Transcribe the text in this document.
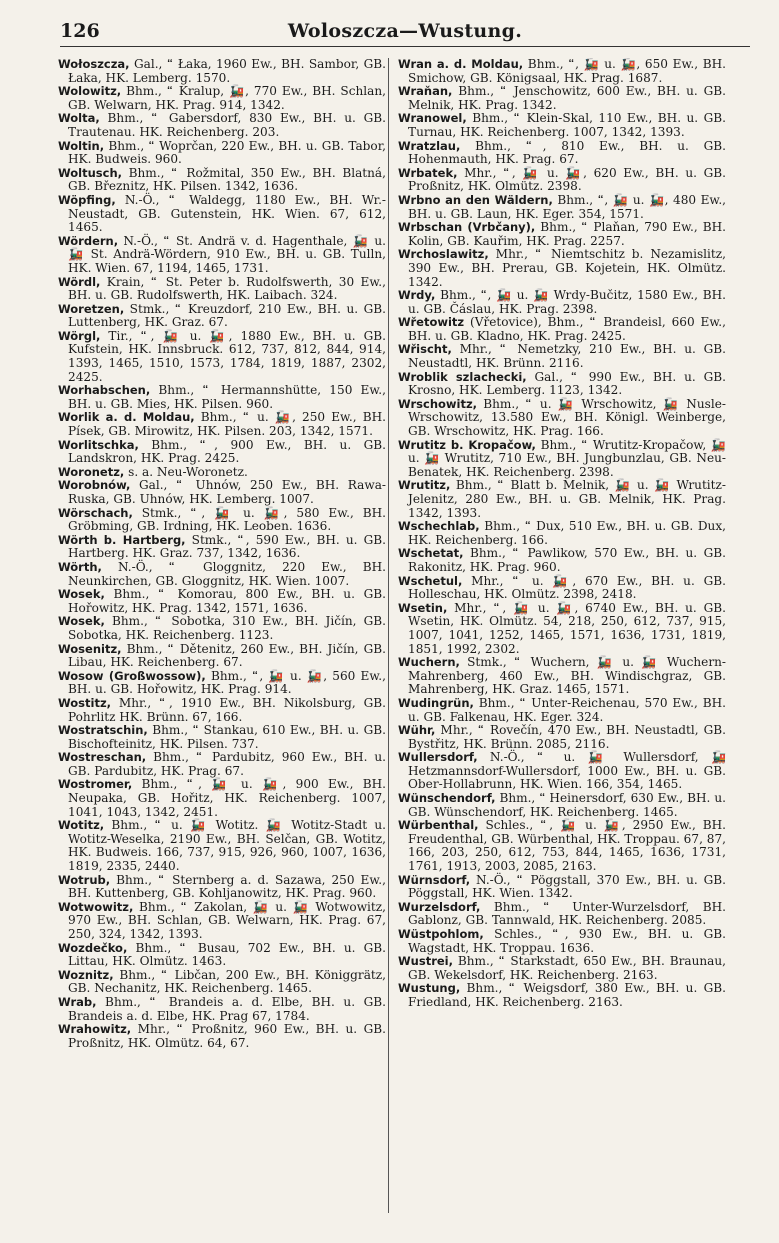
126	Woloszcza—Wustung.

Wołoszcza, Gal., 🙶 Łaka, 1960 Ew., BH. Sambor, GB. Łaka, HK. Lemberg. 1570.

Wolowitz, Bhm., 🙶 Kralup, 🚂, 770 Ew., BH. Schlan, GB. Welwarn, HK. Prag. 914, 1342.

Wolta, Bhm., 🙶 Gabersdorf, 830 Ew., BH. u. GB. Trautenau. HK. Reichenberg. 203.

Woltin, Bhm., 🙶 Woprčan, 220 Ew., BH. u. GB. Tabor, HK. Budweis. 960.

Woltusch, Bhm., 🙶 Rožmital, 350 Ew., BH. Blatná, GB. Březnitz, HK. Pilsen. 1342, 1636.

Wöpfing, N.-Ö., 🙶 Waldegg, 1180 Ew., BH. Wr.-Neustadt, GB. Gutenstein, HK. Wien. 67, 612, 1465.

Wördern, N.-Ö., 🙶 St. Andrä v. d. Hagenthale, 🚂 u. 🚂 St. Andrä-Wördern, 910 Ew., BH. u. GB. Tulln, HK. Wien. 67, 1194, 1465, 1731.

Wördl, Krain, 🙶 St. Peter b. Rudolfswerth, 30 Ew., BH. u. GB. Rudolfswerth, HK. Laibach. 324.

Woretzen, Stmk., 🙶 Kreuzdorf, 210 Ew., BH. u. GB. Luttenberg, HK. Graz. 67.

Wörgl, Tir., 🙶, 🚂 u. 🚂, 1880 Ew., BH. u. GB. Kufstein, HK. Innsbruck. 612, 737, 812, 844, 914, 1393, 1465, 1510, 1573, 1784, 1819, 1887, 2302, 2425.

Worhabschen, Bhm., 🙶 Hermannshütte, 150 Ew., BH. u. GB. Mies, HK. Pilsen. 960.

Worlik a. d. Moldau, Bhm., 🙶 u. 🚂, 250 Ew., BH. Písek, GB. Mirowitz, HK. Pilsen. 203, 1342, 1571.

Worlitschka, Bhm., 🙶, 900 Ew., BH. u. GB. Landskron, HK. Prag. 2425.

Woronetz, s. a. Neu-Woronetz.

Worobnów, Gal., 🙶 Uhnów, 250 Ew., BH. Rawa-Ruska, GB. Uhnów, HK. Lemberg. 1007.

Wörschach, Stmk., 🙶, 🚂 u. 🚂, 580 Ew., BH. Gröbming, GB. Irdning, HK. Leoben. 1636.

Wörth b. Hartberg, Stmk., 🙶, 590 Ew., BH. u. GB. Hartberg. HK. Graz. 737, 1342, 1636.

Wörth, N.-Ö., 🙶 Gloggnitz, 220 Ew., BH. Neunkirchen, GB. Gloggnitz, HK. Wien. 1007.

Wosek, Bhm., 🙶 Komorau, 800 Ew., BH. u. GB. Hořowitz, HK. Prag. 1342, 1571, 1636.

Wosek, Bhm., 🙶 Sobotka, 310 Ew., BH. Jičín, GB. Sobotka, HK. Reichenberg. 1123.

Wosenitz, Bhm., 🙶 Dětenitz, 260 Ew., BH. Jičín, GB. Libau, HK. Reichenberg. 67.

Wosow (Großwossow), Bhm., 🙶, 🚂 u. 🚂, 560 Ew., BH. u. GB. Hořowitz, HK. Prag. 914.

Wostitz, Mhr., 🙶, 1910 Ew., BH. Nikolsburg, GB. Pohrlitz HK. Brünn. 67, 166.

Wostratschin, Bhm., 🙶 Stankau, 610 Ew., BH. u. GB. Bischofteinitz, HK. Pilsen. 737.

Wostreschan, Bhm., 🙶 Pardubitz, 960 Ew., BH. u. GB. Pardubitz, HK. Prag. 67.

Wostromer, Bhm., 🙶, 🚂 u. 🚂, 900 Ew., BH. Neupaka, GB. Hořitz, HK. Reichenberg. 1007, 1041, 1043, 1342, 2451.

Wotitz, Bhm., 🙶 u. 🚂 Wotitz. 🚂 Wotitz-Stadt u. Wotitz-Weselka, 2190 Ew., BH. Selčan, GB. Wotitz, HK. Budweis. 166, 737, 915, 926, 960, 1007, 1636, 1819, 2335, 2440.

Wotrub, Bhm., 🙶 Sternberg a. d. Sazawa, 250 Ew., BH. Kuttenberg, GB. Kohljanowitz, HK. Prag. 960.

Wotwowitz, Bhm., 🙶 Zakolan, 🚂 u. 🚂 Wotwowitz, 970 Ew., BH. Schlan, GB. Welwarn, HK. Prag. 67, 250, 324, 1342, 1393.

Wozdečko, Bhm., 🙶 Busau, 702 Ew., BH. u. GB. Littau, HK. Olmütz. 1463.

Woznitz, Bhm., 🙶 Libčan, 200 Ew., BH. Königgrätz, GB. Nechanitz, HK. Reichenberg. 1465.

Wrab, Bhm., 🙶 Brandeis a. d. Elbe, BH. u. GB. Brandeis a. d. Elbe, HK. Prag 67, 1784.

Wrahowitz, Mhr., 🙶 Proßnitz, 960 Ew., BH. u. GB. Proßnitz, HK. Olmütz. 64, 67.

Wran a. d. Moldau, Bhm., 🙶, 🚂 u. 🚂, 650 Ew., BH. Smichow, GB. Königsaal, HK. Prag. 1687.

Wraňan, Bhm., 🙶 Jenschowitz, 600 Ew., BH. u. GB. Melnik, HK. Prag. 1342.

Wranowel, Bhm., 🙶 Klein-Skal, 110 Ew., BH. u. GB. Turnau, HK. Reichenberg. 1007, 1342, 1393.

Wratzlau, Bhm., 🙶, 810 Ew., BH. u. GB. Hohenmauth, HK. Prag. 67.

Wrbatek, Mhr., 🙶, 🚂 u. 🚂, 620 Ew., BH. u. GB. Proßnitz, HK. Olmütz. 2398.

Wrbno an den Wäldern, Bhm., 🙶, 🚂 u. 🚂, 480 Ew., BH. u. GB. Laun, HK. Eger. 354, 1571.

Wrbschan (Vrbčany), Bhm., 🙶 Plaňan, 790 Ew., BH. Kolin, GB. Kauřim, HK. Prag. 2257.

Wrchoslawitz, Mhr., 🙶 Niemtschitz b. Nezamislitz, 390 Ew., BH. Prerau, GB. Kojetein, HK. Olmütz. 1342.

Wrdy, Bhm., 🙶, 🚂 u. 🚂 Wrdy-Bučitz, 1580 Ew., BH. u. GB. Čáslau, HK. Prag. 2398.

Wřetowitz (Vřetovice), Bhm., 🙶 Brandeisl, 660 Ew., BH. u. GB. Kladno, HK. Prag. 2425.

Wřischt, Mhr., 🙶 Nemetzky, 210 Ew., BH. u. GB. Neustadtl, HK. Brünn. 2116.

Wroblik szlachecki, Gal., 🙶 990 Ew., BH. u. GB. Krosno, HK. Lemberg. 1123, 1342.

Wrschowitz, Bhm., 🙶 u. 🚂 Wrschowitz, 🚂 Nusle-Wrschowitz, 13.580 Ew., BH. Königl. Weinberge, GB. Wrschowitz, HK. Prag. 166.

Wrutitz b. Kropačow, Bhm., 🙶 Wrutitz-Kropačow, 🚂 u. 🚂 Wrutitz, 710 Ew., BH. Jungbunzlau, GB. Neu-Benatek, HK. Reichenberg. 2398.

Wrutitz, Bhm., 🙶 Blatt b. Melnik, 🚂 u. 🚂 Wrutitz-Jelenitz, 280 Ew., BH. u. GB. Melnik, HK. Prag. 1342, 1393.

Wschechlab, Bhm., 🙶 Dux, 510 Ew., BH. u. GB. Dux, HK. Reichenberg. 166.

Wschetat, Bhm., 🙶 Pawlikow, 570 Ew., BH. u. GB. Rakonitz, HK. Prag. 960.

Wschetul, Mhr., 🙶 u. 🚂, 670 Ew., BH. u. GB. Holleschau, HK. Olmütz. 2398, 2418.

Wsetin, Mhr., 🙶, 🚂 u. 🚂, 6740 Ew., BH. u. GB. Wsetin, HK. Olmütz. 54, 218, 250, 612, 737, 915, 1007, 1041, 1252, 1465, 1571, 1636, 1731, 1819, 1851, 1992, 2302.

Wuchern, Stmk., 🙶 Wuchern, 🚂 u. 🚂 Wuchern-Mahrenberg, 460 Ew., BH. Windischgraz, GB. Mahrenberg, HK. Graz. 1465, 1571.

Wudingrün, Bhm., 🙶 Unter-Reichenau, 570 Ew., BH. u. GB. Falkenau, HK. Eger. 324.

Wühr, Mhr., 🙶 Rovečín, 470 Ew., BH. Neustadtl, GB. Bystřitz, HK. Brünn. 2085, 2116.

Wullersdorf, N.-Ö., 🙶 u. 🚂 Wullersdorf, 🚂 Hetzmannsdorf-Wullersdorf, 1000 Ew., BH. u. GB. Ober-Hollabrunn, HK. Wien. 166, 354, 1465.

Wünschendorf, Bhm., 🙶 Heinersdorf, 630 Ew., BH. u. GB. Wünschendorf, HK. Reichenberg. 1465.

Würbenthal, Schles., 🙶, 🚂 u. 🚂, 2950 Ew., BH. Freudenthal, GB. Würbenthal, HK. Troppau. 67, 87, 166, 203, 250, 612, 753, 844, 1465, 1636, 1731, 1761, 1913, 2003, 2085, 2163.

Würnsdorf, N.-Ö., 🙶 Pöggstall, 370 Ew., BH. u. GB. Pöggstall, HK. Wien. 1342.

Wurzelsdorf, Bhm., 🙶 Unter-Wurzelsdorf, BH. Gablonz, GB. Tannwald, HK. Reichenberg. 2085.

Wüstpohlom, Schles., 🙶, 930 Ew., BH. u. GB. Wagstadt, HK. Troppau. 1636.

Wustrei, Bhm., 🙶 Starkstadt, 650 Ew., BH. Braunau, GB. Wekelsdorf, HK. Reichenberg. 2163.

Wustung, Bhm., 🙶 Weigsdorf, 380 Ew., BH. u. GB. Friedland, HK. Reichenberg. 2163.
